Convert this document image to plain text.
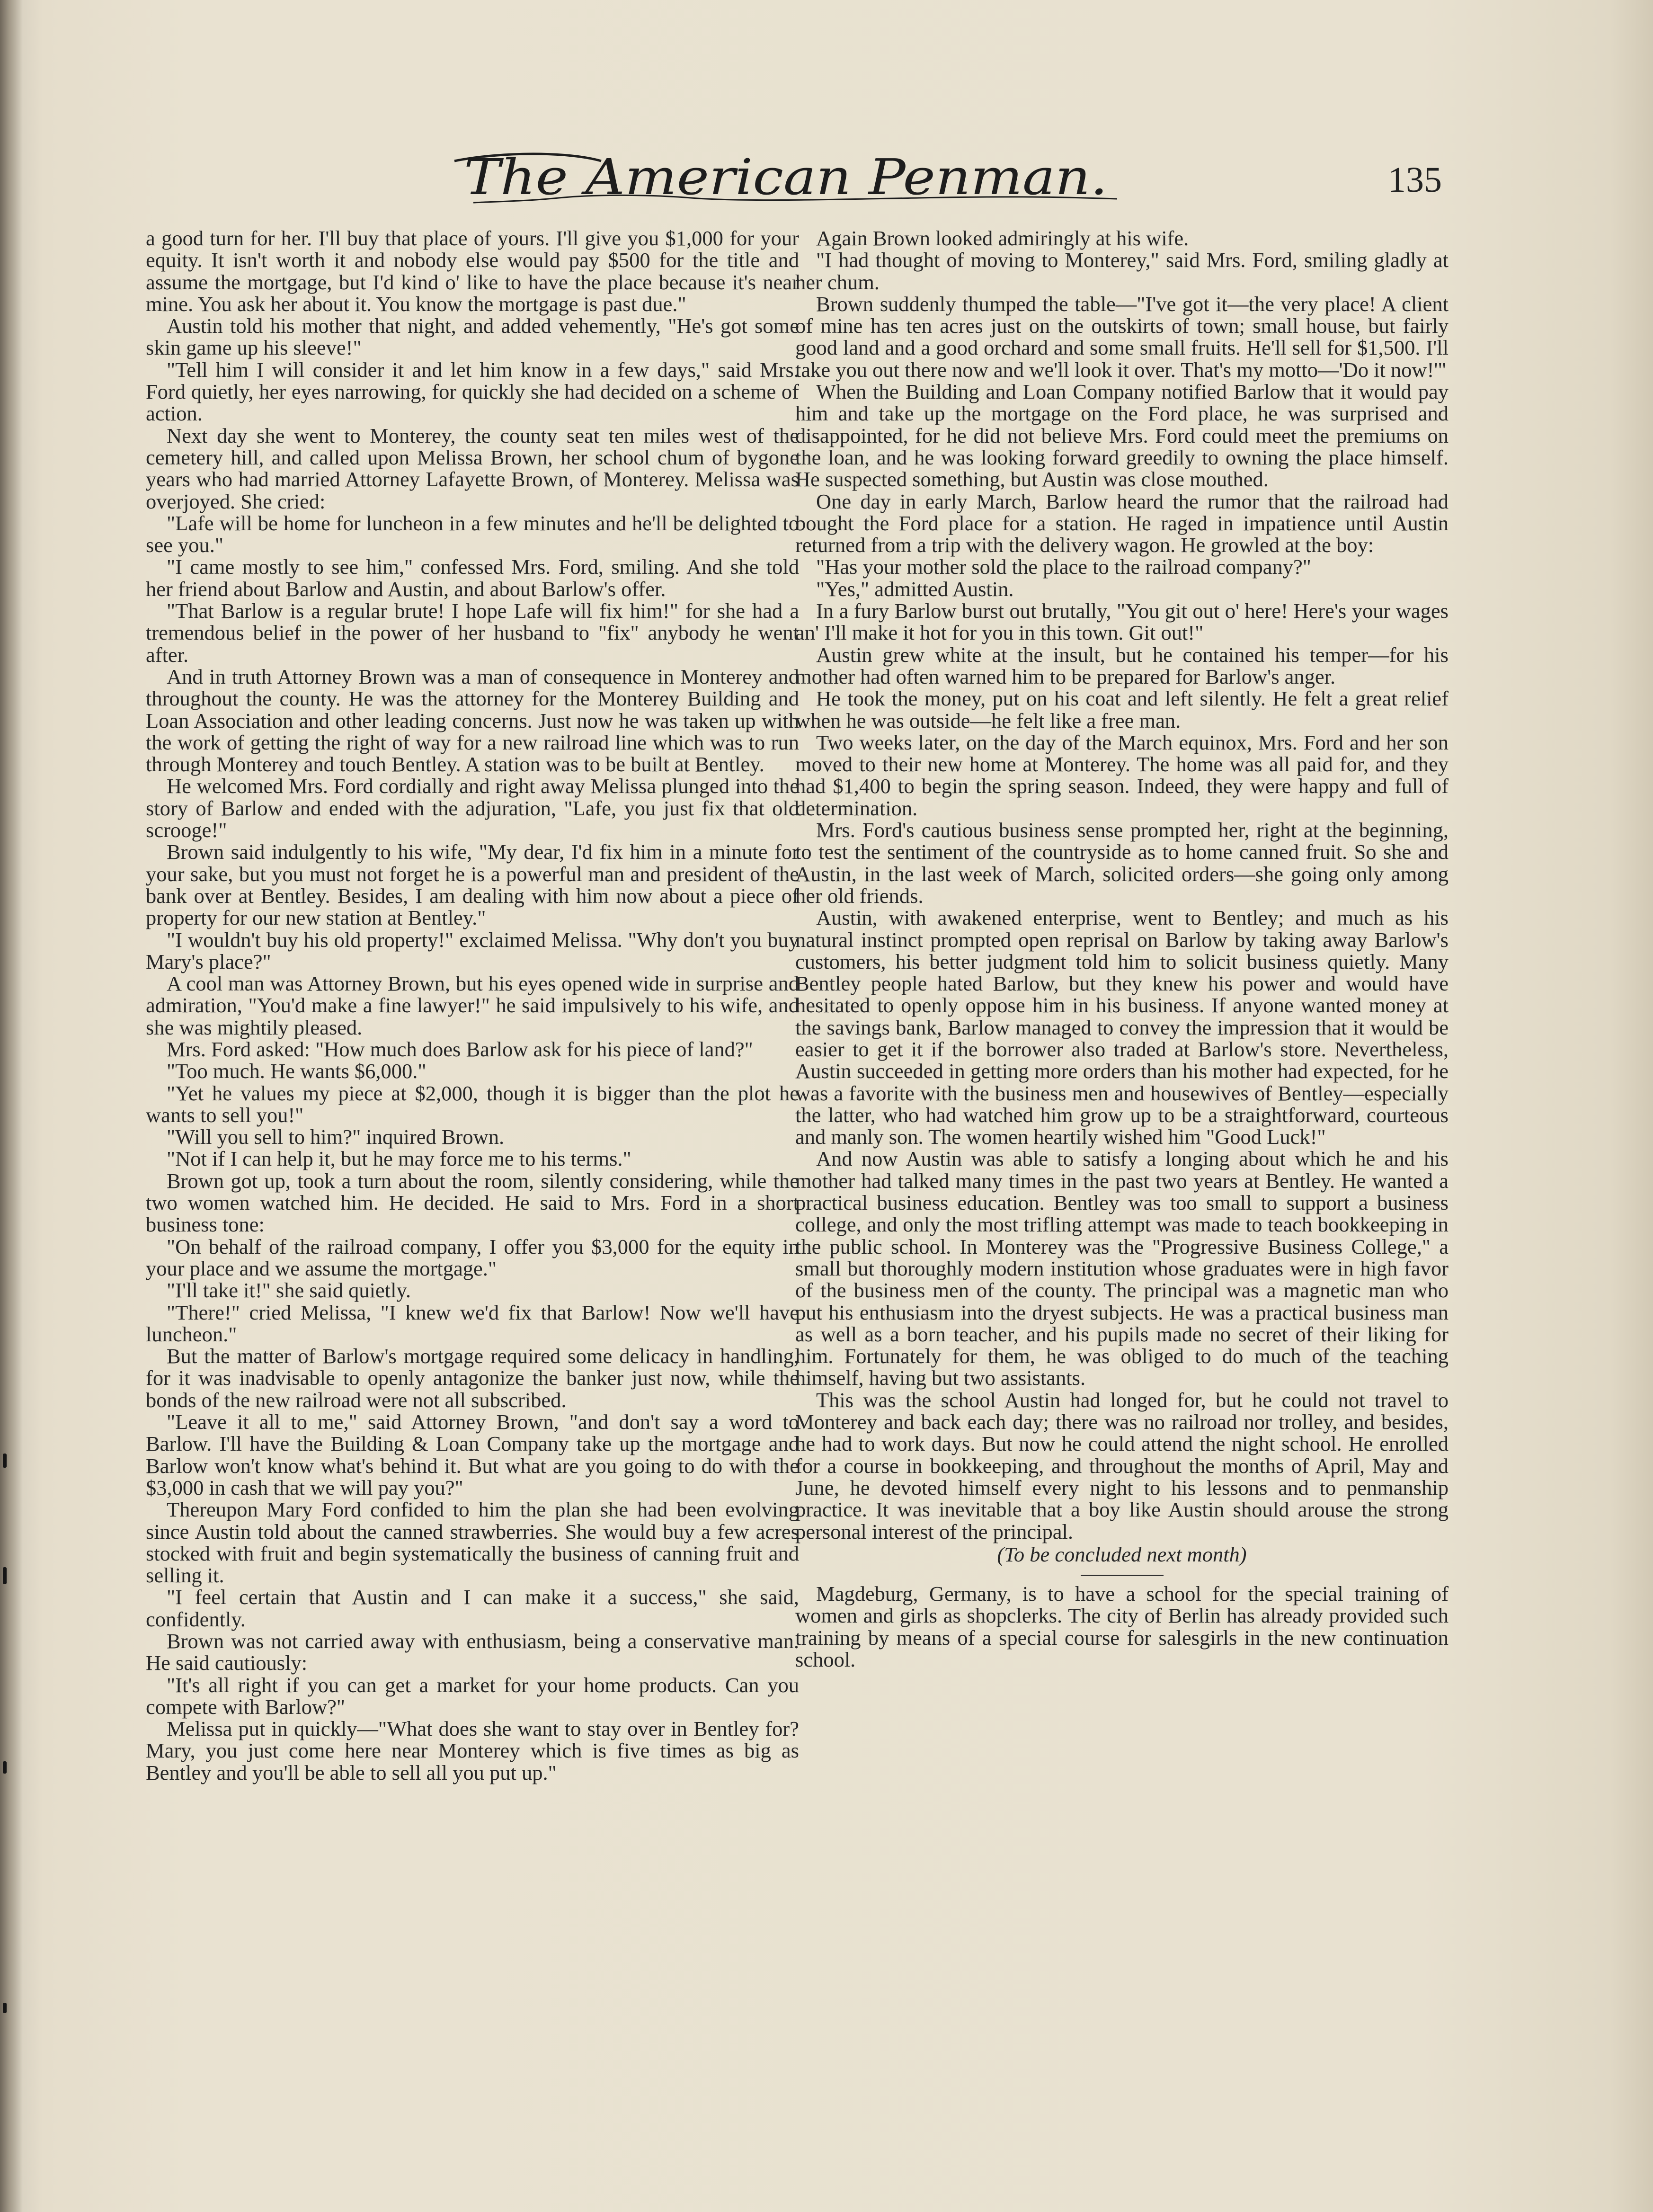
The American Penman.	135

a good turn for her. I'll buy that place of yours. I'll give you $1,000 for your equity. It isn't worth it and nobody else would pay $500 for the title and assume the mortgage, but I'd kind o' like to have the place because it's near mine. You ask her about it. You know the mortgage is past due."

Austin told his mother that night, and added vehemently, "He's got some skin game up his sleeve!"

"Tell him I will consider it and let him know in a few days," said Mrs. Ford quietly, her eyes narrowing, for quickly she had decided on a scheme of action.

Next day she went to Monterey, the county seat ten miles west of the cemetery hill, and called upon Melissa Brown, her school chum of bygone years who had married Attorney Lafayette Brown, of Monterey. Melissa was overjoyed. She cried:

"Lafe will be home for luncheon in a few minutes and he'll be delighted to see you."

"I came mostly to see him," confessed Mrs. Ford, smiling. And she told her friend about Barlow and Austin, and about Barlow's offer.

"That Barlow is a regular brute! I hope Lafe will fix him!" for she had a tremendous belief in the power of her husband to "fix" anybody he went after.

And in truth Attorney Brown was a man of consequence in Monterey and throughout the county. He was the attorney for the Monterey Building and Loan Association and other leading concerns. Just now he was taken up with the work of getting the right of way for a new railroad line which was to run through Monterey and touch Bentley. A station was to be built at Bentley.

He welcomed Mrs. Ford cordially and right away Melissa plunged into the story of Barlow and ended with the adjuration, "Lafe, you just fix that old scrooge!"

Brown said indulgently to his wife, "My dear, I'd fix him in a minute for your sake, but you must not forget he is a powerful man and president of the bank over at Bentley. Besides, I am dealing with him now about a piece of property for our new station at Bentley."

"I wouldn't buy his old property!" exclaimed Melissa. "Why don't you buy Mary's place?"

A cool man was Attorney Brown, but his eyes opened wide in surprise and admiration, "You'd make a fine lawyer!" he said impulsively to his wife, and she was mightily pleased.

Mrs. Ford asked: "How much does Barlow ask for his piece of land?"

"Too much. He wants $6,000."

"Yet he values my piece at $2,000, though it is bigger than the plot he wants to sell you!"

"Will you sell to him?" inquired Brown.

"Not if I can help it, but he may force me to his terms."

Brown got up, took a turn about the room, silently considering, while the two women watched him. He decided. He said to Mrs. Ford in a short business tone:

"On behalf of the railroad company, I offer you $3,000 for the equity in your place and we assume the mortgage."

"I'll take it!" she said quietly.

"There!" cried Melissa, "I knew we'd fix that Barlow! Now we'll have luncheon."

But the matter of Barlow's mortgage required some delicacy in handling, for it was inadvisable to openly antagonize the banker just now, while the bonds of the new railroad were not all subscribed.

"Leave it all to me," said Attorney Brown, "and don't say a word to Barlow. I'll have the Building & Loan Company take up the mortgage and Barlow won't know what's behind it. But what are you going to do with the $3,000 in cash that we will pay you?"

Thereupon Mary Ford confided to him the plan she had been evolving since Austin told about the canned strawberries. She would buy a few acres stocked with fruit and begin systematically the business of canning fruit and selling it.

"I feel certain that Austin and I can make it a success," she said, confidently.

Brown was not carried away with enthusiasm, being a conservative man. He said cautiously:

"It's all right if you can get a market for your home products. Can you compete with Barlow?"

Melissa put in quickly—"What does she want to stay over in Bentley for? Mary, you just come here near Monterey which is five times as big as Bentley and you'll be able to sell all you put up."

Again Brown looked admiringly at his wife.

"I had thought of moving to Monterey," said Mrs. Ford, smiling gladly at her chum.

Brown suddenly thumped the table—"I've got it—the very place! A client of mine has ten acres just on the outskirts of town; small house, but fairly good land and a good orchard and some small fruits. He'll sell for $1,500. I'll take you out there now and we'll look it over. That's my motto—'Do it now!'"

When the Building and Loan Company notified Barlow that it would pay him and take up the mortgage on the Ford place, he was surprised and disappointed, for he did not believe Mrs. Ford could meet the premiums on the loan, and he was looking forward greedily to owning the place himself. He suspected something, but Austin was close mouthed.

One day in early March, Barlow heard the rumor that the railroad had bought the Ford place for a station. He raged in impatience until Austin returned from a trip with the delivery wagon. He growled at the boy:

"Has your mother sold the place to the railroad company?"

"Yes," admitted Austin.

In a fury Barlow burst out brutally, "You git out o' here! Here's your wages an' I'll make it hot for you in this town. Git out!"

Austin grew white at the insult, but he contained his temper—for his mother had often warned him to be prepared for Barlow's anger.

He took the money, put on his coat and left silently. He felt a great relief when he was outside—he felt like a free man.

Two weeks later, on the day of the March equinox, Mrs. Ford and her son moved to their new home at Monterey. The home was all paid for, and they had $1,400 to begin the spring season. Indeed, they were happy and full of determination.

Mrs. Ford's cautious business sense prompted her, right at the beginning, to test the sentiment of the countryside as to home canned fruit. So she and Austin, in the last week of March, solicited orders—she going only among her old friends.

Austin, with awakened enterprise, went to Bentley; and much as his natural instinct prompted open reprisal on Barlow by taking away Barlow's customers, his better judgment told him to solicit business quietly. Many Bentley people hated Barlow, but they knew his power and would have hesitated to openly oppose him in his business. If anyone wanted money at the savings bank, Barlow managed to convey the impression that it would be easier to get it if the borrower also traded at Barlow's store. Nevertheless, Austin succeeded in getting more orders than his mother had expected, for he was a favorite with the business men and housewives of Bentley—especially the latter, who had watched him grow up to be a straightforward, courteous and manly son. The women heartily wished him "Good Luck!"

And now Austin was able to satisfy a longing about which he and his mother had talked many times in the past two years at Bentley. He wanted a practical business education. Bentley was too small to support a business college, and only the most trifling attempt was made to teach bookkeeping in the public school. In Monterey was the "Progressive Business College," a small but thoroughly modern institution whose graduates were in high favor of the business men of the county. The principal was a magnetic man who put his enthusiasm into the dryest subjects. He was a practical business man as well as a born teacher, and his pupils made no secret of their liking for him. Fortunately for them, he was obliged to do much of the teaching himself, having but two assistants.

This was the school Austin had longed for, but he could not travel to Monterey and back each day; there was no railroad nor trolley, and besides, he had to work days. But now he could attend the night school. He enrolled for a course in bookkeeping, and throughout the months of April, May and June, he devoted himself every night to his lessons and to penmanship practice. It was inevitable that a boy like Austin should arouse the strong personal interest of the principal.

(To be concluded next month)

Magdeburg, Germany, is to have a school for the special training of women and girls as shopclerks. The city of Berlin has already provided such training by means of a special course for salesgirls in the new continuation school.
